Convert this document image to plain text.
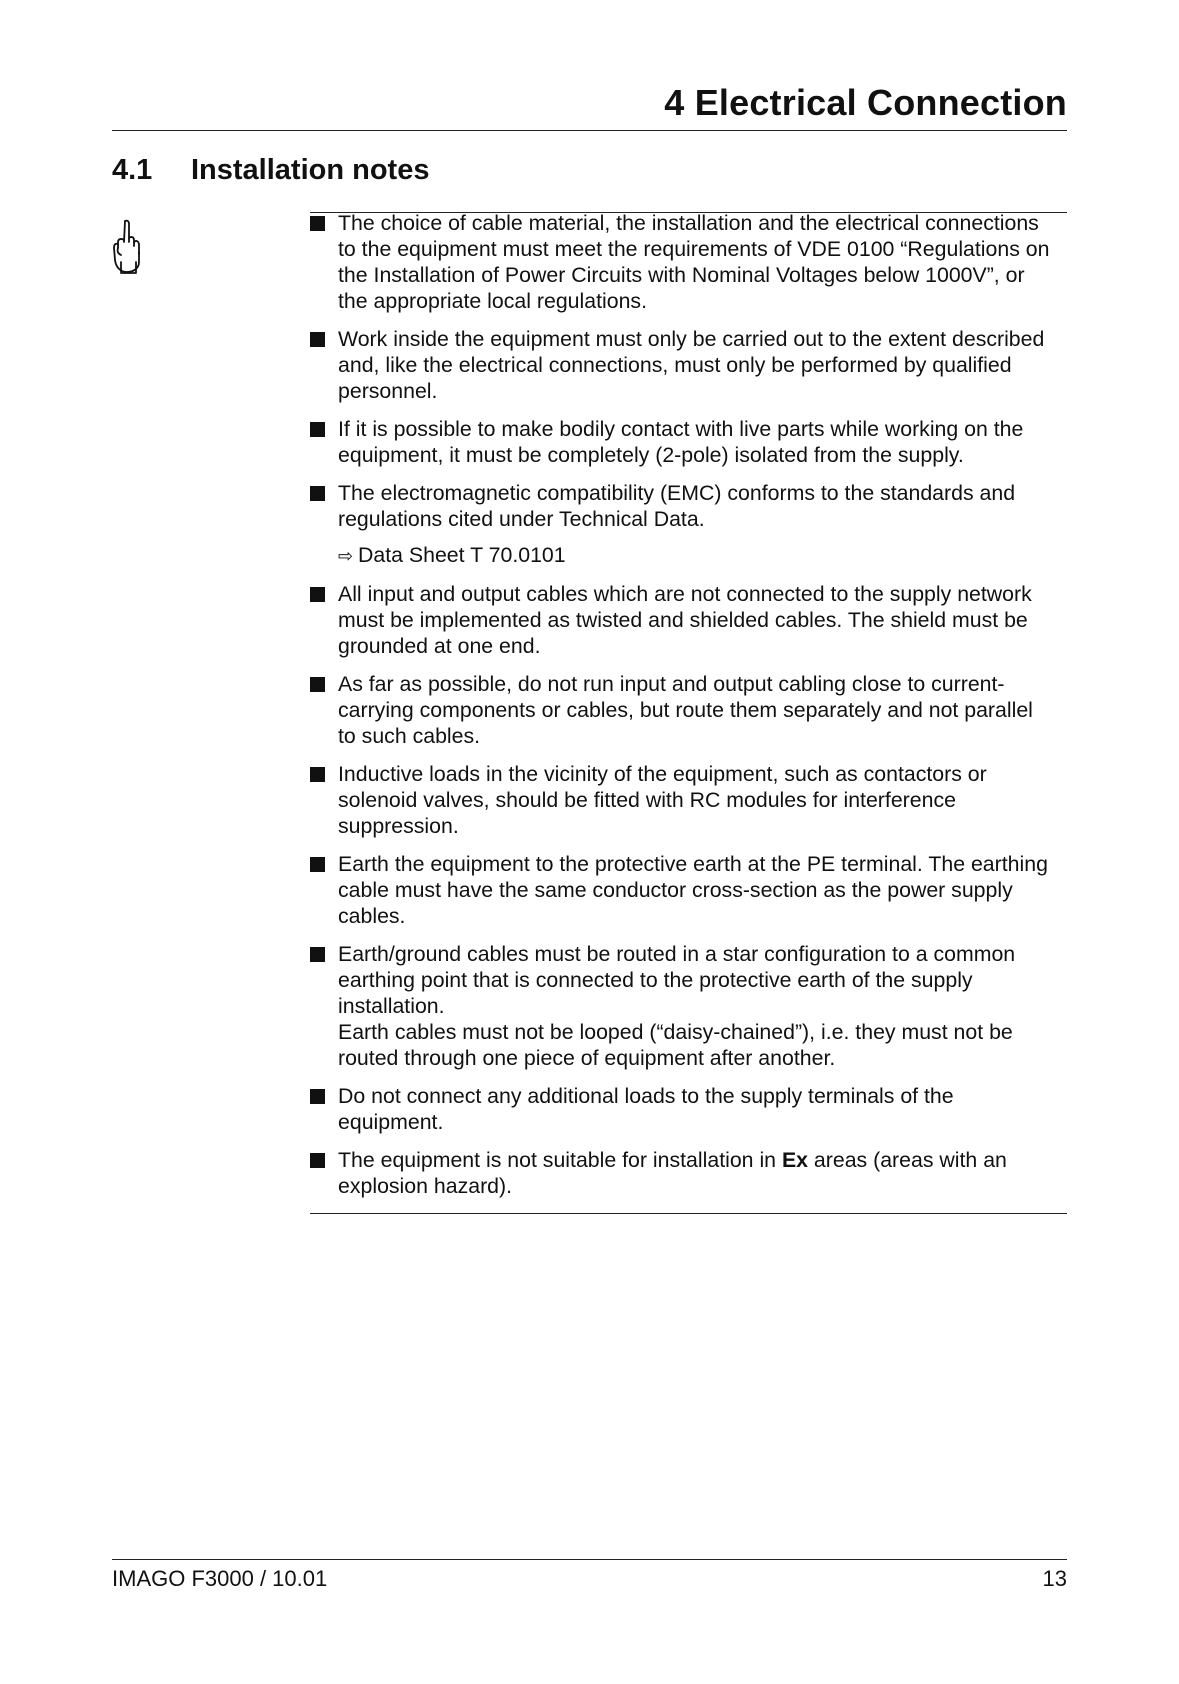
4 Electrical Connection
4.1 Installation notes
The choice of cable material, the installation and the electrical connections
to the equipment must meet the requirements of VDE 0100 “Regulations on
the Installation of Power Circuits with Nominal Voltages below 1000V”, or
the appropriate local regulations.
Work inside the equipment must only be carried out to the extent described
and, like the electrical connections, must only be performed by qualified
personnel.
If it is possible to make bodily contact with live parts while working on the
equipment, it must be completely (2-pole) isolated from the supply.
The electromagnetic compatibility (EMC) conforms to the standards and
regulations cited under Technical Data.
⇨ Data Sheet T 70.0101
All input and output cables which are not connected to the supply network
must be implemented as twisted and shielded cables. The shield must be
grounded at one end.
As far as possible, do not run input and output cabling close to current-
carrying components or cables, but route them separately and not parallel
to such cables.
Inductive loads in the vicinity of the equipment, such as contactors or
solenoid valves, should be fitted with RC modules for interference
suppression.
Earth the equipment to the protective earth at the PE terminal. The earthing
cable must have the same conductor cross-section as the power supply
cables.
Earth/ground cables must be routed in a star configuration to a common
earthing point that is connected to the protective earth of the supply
installation.
Earth cables must not be looped (“daisy-chained”), i.e. they must not be
routed through one piece of equipment after another.
Do not connect any additional loads to the supply terminals of the
equipment.
The equipment is not suitable for installation in Ex areas (areas with an
explosion hazard).
IMAGO F3000 / 10.01	13
